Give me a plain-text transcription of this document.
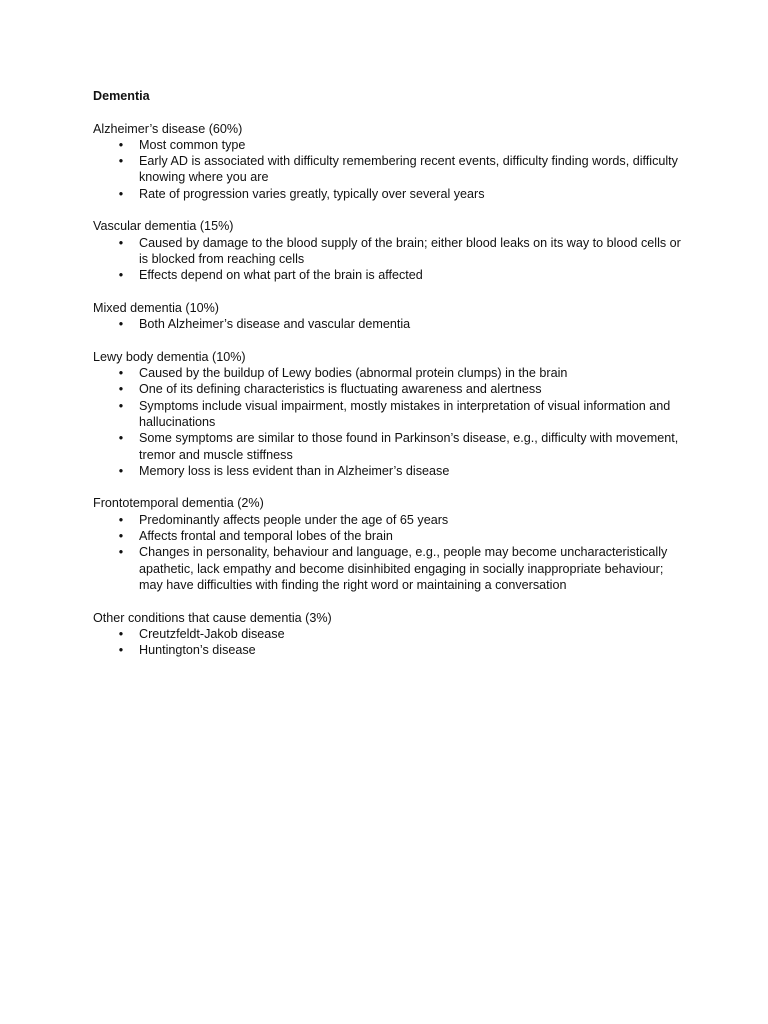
Dementia
Alzheimer’s disease (60%)
•	Most common type
•	Early AD is associated with difficulty remembering recent events, difficulty finding words, difficulty knowing where you are
•	Rate of progression varies greatly, typically over several years
Vascular dementia (15%)
•	Caused by damage to the blood supply of the brain; either blood leaks on its way to blood cells or is blocked from reaching cells
•	Effects depend on what part of the brain is affected
Mixed dementia (10%)
•	Both Alzheimer’s disease and vascular dementia
Lewy body dementia (10%)
•	Caused by the buildup of Lewy bodies (abnormal protein clumps) in the brain
•	One of its defining characteristics is fluctuating awareness and alertness
•	Symptoms include visual impairment, mostly mistakes in interpretation of visual information and hallucinations
•	Some symptoms are similar to those found in Parkinson’s disease, e.g., difficulty with movement, tremor and muscle stiffness
•	Memory loss is less evident than in Alzheimer’s disease
Frontotemporal dementia (2%)
•	Predominantly affects people under the age of 65 years
•	Affects frontal and temporal lobes of the brain
•	Changes in personality, behaviour and language, e.g., people may become uncharacteristically apathetic, lack empathy and become disinhibited engaging in socially inappropriate behaviour; may have difficulties with finding the right word or maintaining a conversation
Other conditions that cause dementia (3%)
•	Creutzfeldt-Jakob disease
•	Huntington’s disease
